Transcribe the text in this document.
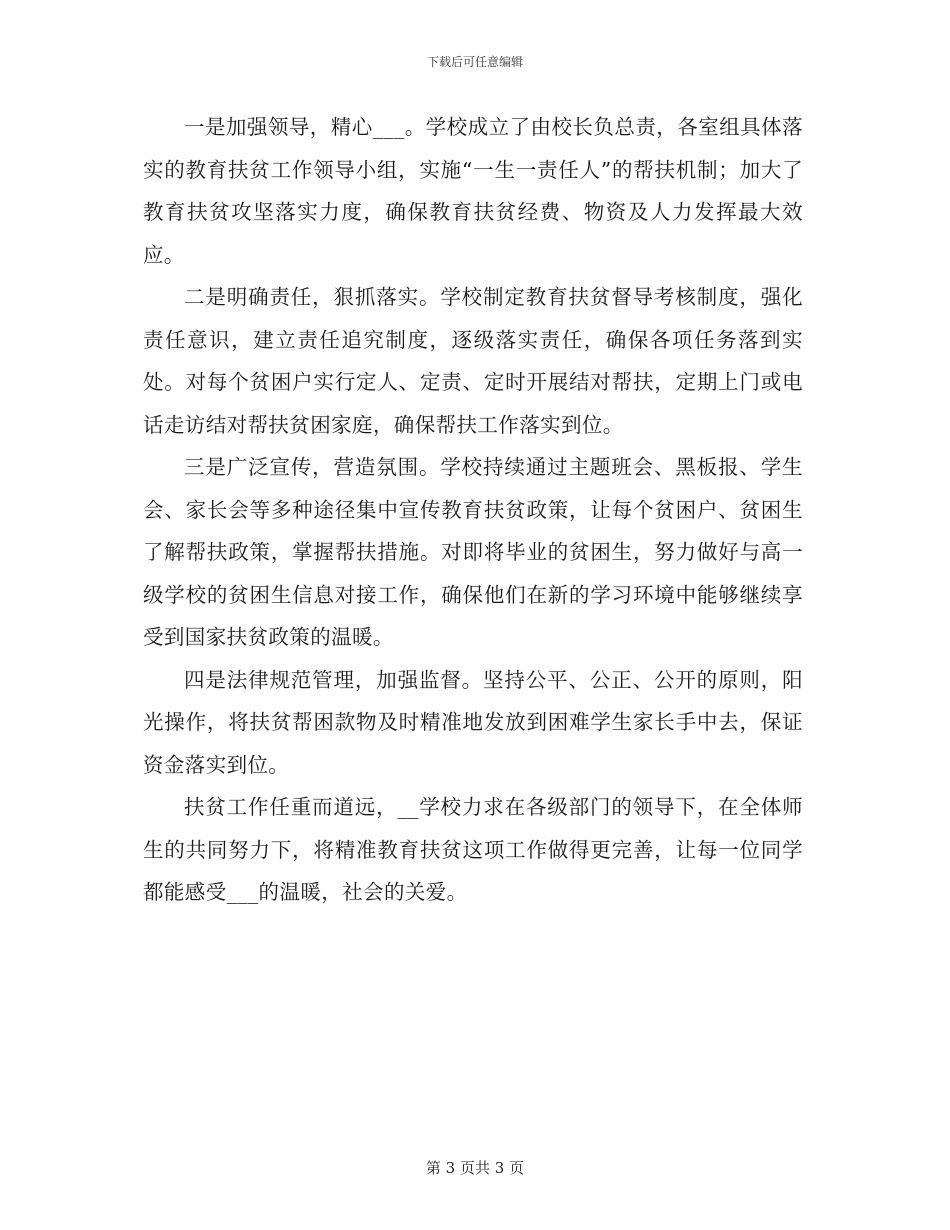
下载后可任意编辑

一是加强领导，精心___。学校成立了由校长负总责，各室组具体落实的教育扶贫工作领导小组，实施“一生一责任人”的帮扶机制；加大了教育扶贫攻坚落实力度，确保教育扶贫经费、物资及人力发挥最大效应。

二是明确责任，狠抓落实。学校制定教育扶贫督导考核制度，强化责任意识，建立责任追究制度，逐级落实责任，确保各项任务落到实处。对每个贫困户实行定人、定责、定时开展结对帮扶，定期上门或电话走访结对帮扶贫困家庭，确保帮扶工作落实到位。

三是广泛宣传，营造氛围。学校持续通过主题班会、黑板报、学生会、家长会等多种途径集中宣传教育扶贫政策，让每个贫困户、贫困生了解帮扶政策，掌握帮扶措施。对即将毕业的贫困生，努力做好与高一级学校的贫困生信息对接工作，确保他们在新的学习环境中能够继续享受到国家扶贫政策的温暖。

四是法律规范管理，加强监督。坚持公平、公正、公开的原则，阳光操作，将扶贫帮困款物及时精准地发放到困难学生家长手中去，保证资金落实到位。

扶贫工作任重而道远，__学校力求在各级部门的领导下，在全体师生的共同努力下，将精准教育扶贫这项工作做得更完善，让每一位同学都能感受___的温暖，社会的关爱。

第 3 页共 3 页
